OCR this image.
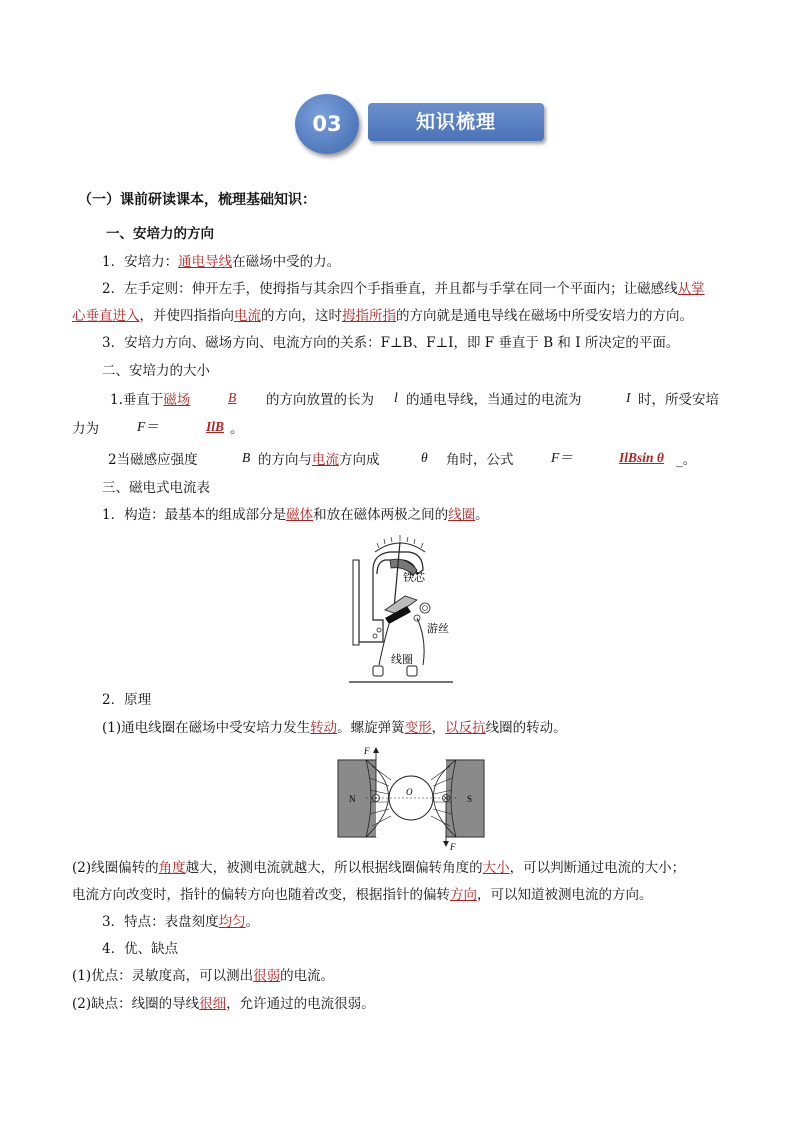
知识梳理
03
（一）课前研读课本，梳理基础知识：
一、安培力的方向
1．安培力：通电导线在磁场中受的力。
2．左手定则：伸开左手，使拇指与其余四个手指垂直，并且都与手掌在同一个平面内；让磁感线从掌
心垂直进入，并使四指指向电流的方向，这时拇指所指的方向就是通电导线在磁场中所受安培力的方向。
3．安培力方向、磁场方向、电流方向的关系：F⊥B、F⊥I，即 F 垂直于 B 和 I 所决定的平面。
二、安培力的大小
1.垂直于磁场	B 的方向放置的长为 l 的通电导线，当通过的电流为	I 时，所受安培
力为	F＝	IlB 。
2当磁感应强度	B 的方向与电流方向成	θ 角时，公式	F＝	IlBsin θ _。
三、磁电式电流表
1．构造：最基本的组成部分是磁体和放在磁体两极之间的线圈。
铁芯
游丝
线圈
2．原理
(1)通电线圈在磁场中受安培力发生转动。螺旋弹簧变形，以反抗线圈的转动。
F
F
N	S
O
(2)线圈偏转的角度越大，被测电流就越大，所以根据线圈偏转角度的大小，可以判断通过电流的大小；
电流方向改变时，指针的偏转方向也随着改变，根据指针的偏转方向，可以知道被测电流的方向。
3．特点：表盘刻度均匀。
4．优、缺点
(1)优点：灵敏度高，可以测出很弱的电流。
(2)缺点：线圈的导线很细，允许通过的电流很弱。
